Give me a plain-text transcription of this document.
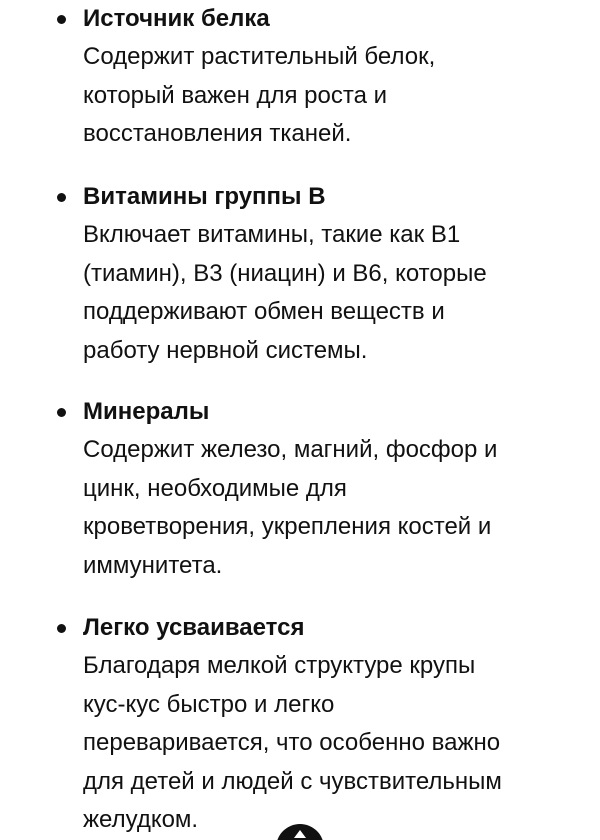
Источник белка

Содержит растительный белок,
который важен для роста и
восстановления тканей.

Витамины группы В

Включает витамины, такие как В1
(тиамин), В3 (ниацин) и В6, которые
поддерживают обмен веществ и
работу нервной системы.

Минералы

Содержит железо, магний, фосфор и
цинк, необходимые для
кроветворения, укрепления костей и
иммунитета.

Легко усваивается

Благодаря мелкой структуре крупы
кус-кус быстро и легко
переваривается, что особенно важно
для детей и людей с чувствительным
желудком.
